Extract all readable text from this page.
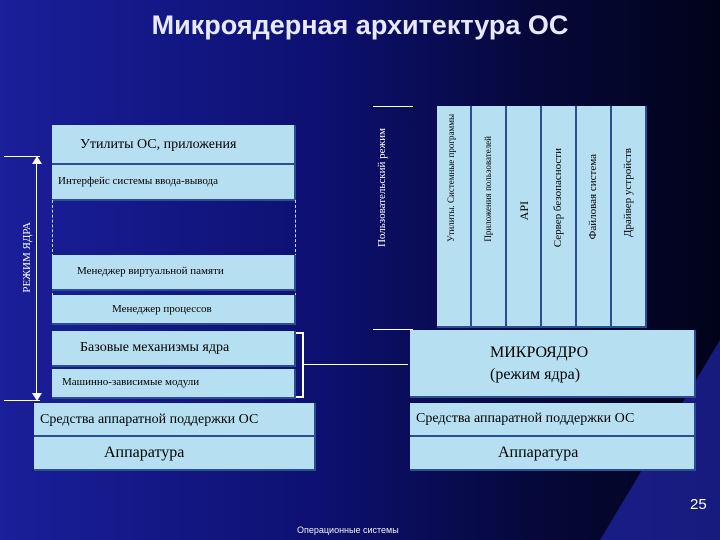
Микроядерная архитектура ОС
РЕЖИМ ЯДРА
Утилиты ОС, приложения
Интерфейс системы ввода-вывода
Менеджер виртуальной памяти
Менеджер процессов
Базовые механизмы ядра
Машинно-зависимые модули
Средства аппаратной поддержки ОС
Аппаратура
Пользовательский режим	Утилиты. Системные программы	Приложения пользователей API Сервер безопасности Файловая система Драйвер устройств
МИКРОЯДРО
(режим ядра)
Средства аппаратной поддержки ОС
Аппаратура
25
Операционные системы
